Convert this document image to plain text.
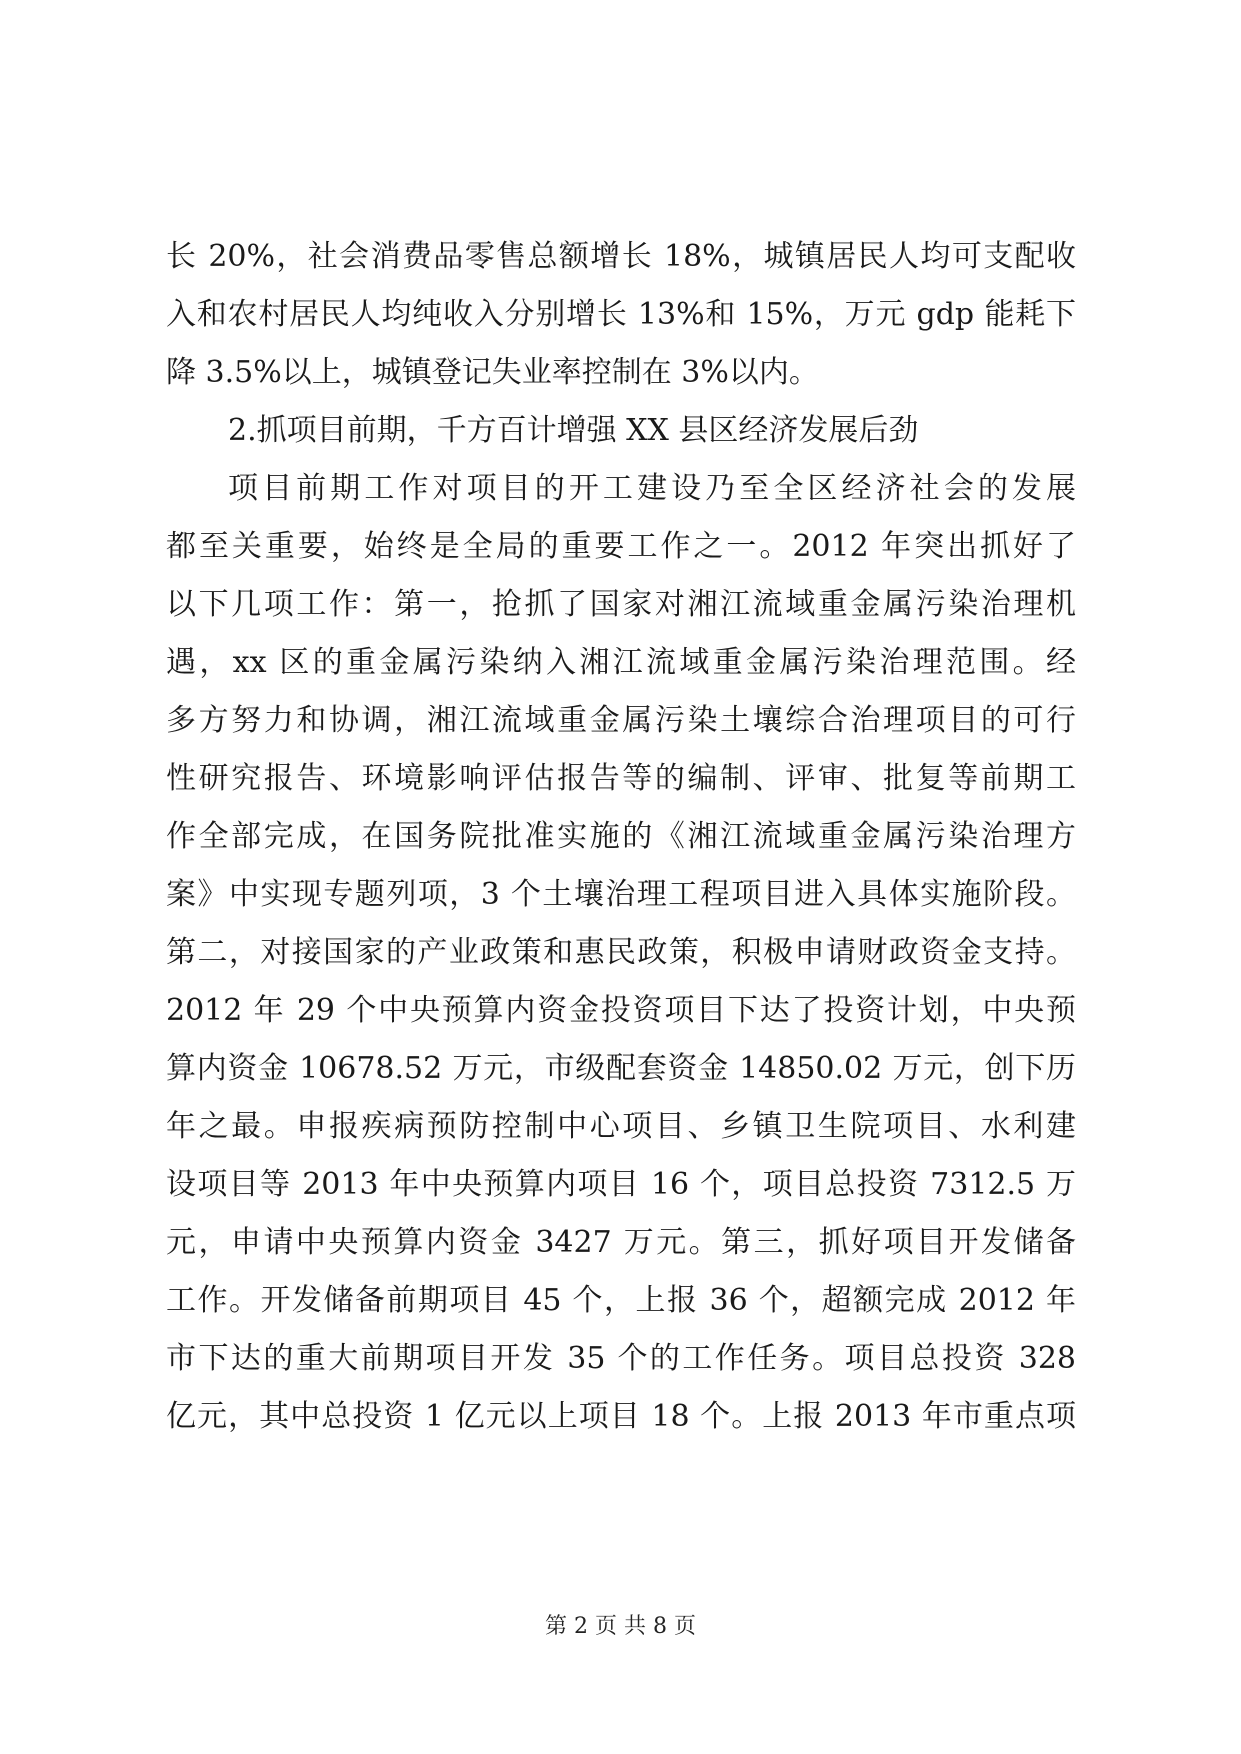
长 20%，社会消费品零售总额增长 18%，城镇居民人均可支配收
入和农村居民人均纯收入分别增长 13%和 15%，万元 gdp 能耗下
降 3.5%以上，城镇登记失业率控制在 3%以内。
2.抓项目前期，千方百计增强 XX 县区经济发展后劲
项目前期工作对项目的开工建设乃至全区经济社会的发展
都至关重要，始终是全局的重要工作之一。2012 年突出抓好了
以下几项工作：第一，抢抓了国家对湘江流域重金属污染治理机
遇，xx 区的重金属污染纳入湘江流域重金属污染治理范围。经
多方努力和协调，湘江流域重金属污染土壤综合治理项目的可行
性研究报告、环境影响评估报告等的编制、评审、批复等前期工
作全部完成，在国务院批准实施的《湘江流域重金属污染治理方
案》中实现专题列项，3 个土壤治理工程项目进入具体实施阶段。
第二，对接国家的产业政策和惠民政策，积极申请财政资金支持。
2012 年 29 个中央预算内资金投资项目下达了投资计划，中央预
算内资金 10678.52 万元，市级配套资金 14850.02 万元，创下历
年之最。申报疾病预防控制中心项目、乡镇卫生院项目、水利建
设项目等 2013 年中央预算内项目 16 个，项目总投资 7312.5 万
元，申请中央预算内资金 3427 万元。第三，抓好项目开发储备
工作。开发储备前期项目 45 个，上报 36 个，超额完成 2012 年
市下达的重大前期项目开发 35 个的工作任务。项目总投资 328
亿元，其中总投资 1 亿元以上项目 18 个。上报 2013 年市重点项
第 2 页 共 8 页
